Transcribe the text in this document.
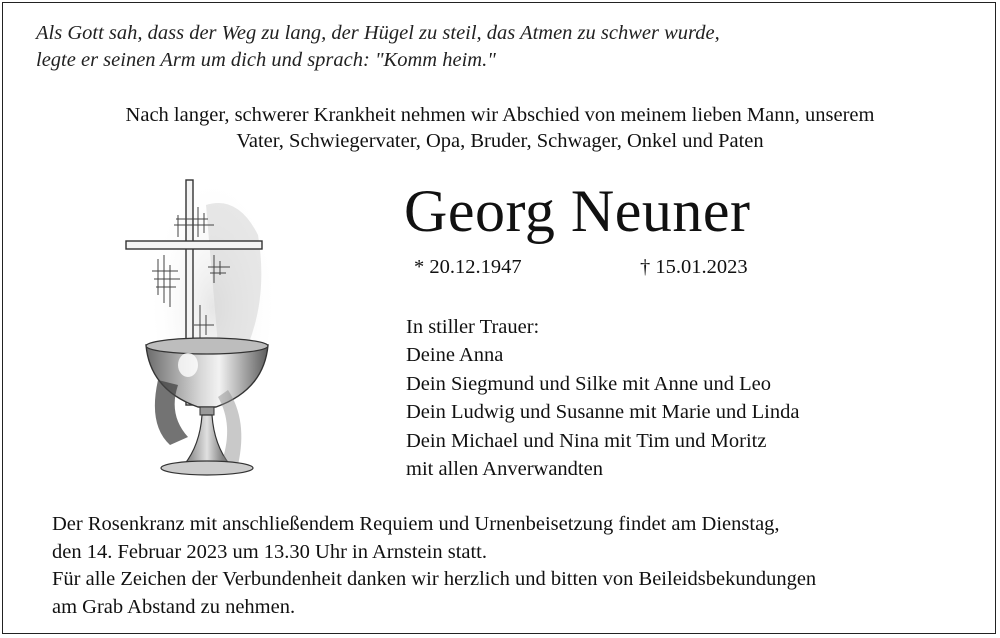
Als Gott sah, dass der Weg zu lang, der Hügel zu steil, das Atmen zu schwer wurde,
legte er seinen Arm um dich und sprach: "Komm heim."
Nach langer, schwerer Krankheit nehmen wir Abschied von meinem lieben Mann, unserem
Vater, Schwiegervater, Opa, Bruder, Schwager, Onkel und Paten
Georg Neuner
* 20.12.1947	† 15.01.2023
In stiller Trauer:
Deine Anna
Dein Siegmund und Silke mit Anne und Leo
Dein Ludwig und Susanne mit Marie und Linda
Dein Michael und Nina mit Tim und Moritz
mit allen Anverwandten
Der Rosenkranz mit anschließendem Requiem und Urnenbeisetzung findet am Dienstag,
den 14. Februar 2023 um 13.30 Uhr in Arnstein statt.
Für alle Zeichen der Verbundenheit danken wir herzlich und bitten von Beileidsbekundungen
am Grab Abstand zu nehmen.
